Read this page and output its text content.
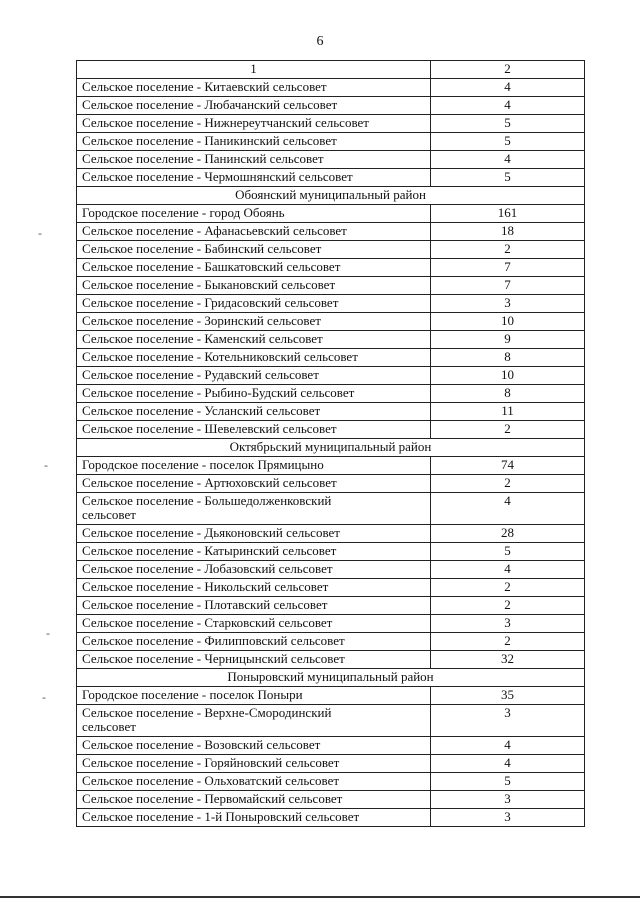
6
1	2
Сельское поселение - Китаевский сельсовет	4
Сельское поселение - Любачанский сельсовет	4
Сельское поселение - Нижнереутчанский сельсовет	5
Сельское поселение - Паникинский сельсовет	5
Сельское поселение - Панинский сельсовет	4
Сельское поселение - Чермошнянский сельсовет	5
Обоянский муниципальный район	
Городское поселение - город Обоянь	161
Сельское поселение - Афанасьевский сельсовет	18
Сельское поселение - Бабинский сельсовет	2
Сельское поселение - Башкатовский сельсовет	7
Сельское поселение - Быкановский сельсовет	7
Сельское поселение - Гридасовский сельсовет	3
Сельское поселение - Зоринский сельсовет	10
Сельское поселение - Каменский сельсовет	9
Сельское поселение - Котельниковский сельсовет	8
Сельское поселение - Рудавский сельсовет	10
Сельское поселение - Рыбино-Будский сельсовет	8
Сельское поселение - Усланский сельсовет	11
Сельское поселение - Шевелевский сельсовет	2
Октябрьский муниципальный район	
Городское поселение - поселок Прямицыно	74
Сельское поселение - Артюховский сельсовет	2
Сельское поселение - Большедолженковский
сельсовет	4
Сельское поселение - Дьяконовский сельсовет	28
Сельское поселение - Катыринский сельсовет	5
Сельское поселение - Лобазовский сельсовет	4
Сельское поселение - Никольский сельсовет	2
Сельское поселение - Плотавский сельсовет	2
Сельское поселение - Старковский сельсовет	3
Сельское поселение - Филипповский сельсовет	2
Сельское поселение - Черницынский сельсовет	32
Поныровский муниципальный район	
Городское поселение - поселок Поныри	35
Сельское поселение - Верхне-Смородинский
сельсовет	3
Сельское поселение - Возовский сельсовет	4
Сельское поселение - Горяйновский сельсовет	4
Сельское поселение - Ольховатский сельсовет	5
Сельское поселение - Первомайский сельсовет	3
Сельское поселение - 1-й Поныровский сельсовет	3
-
-
-
-
